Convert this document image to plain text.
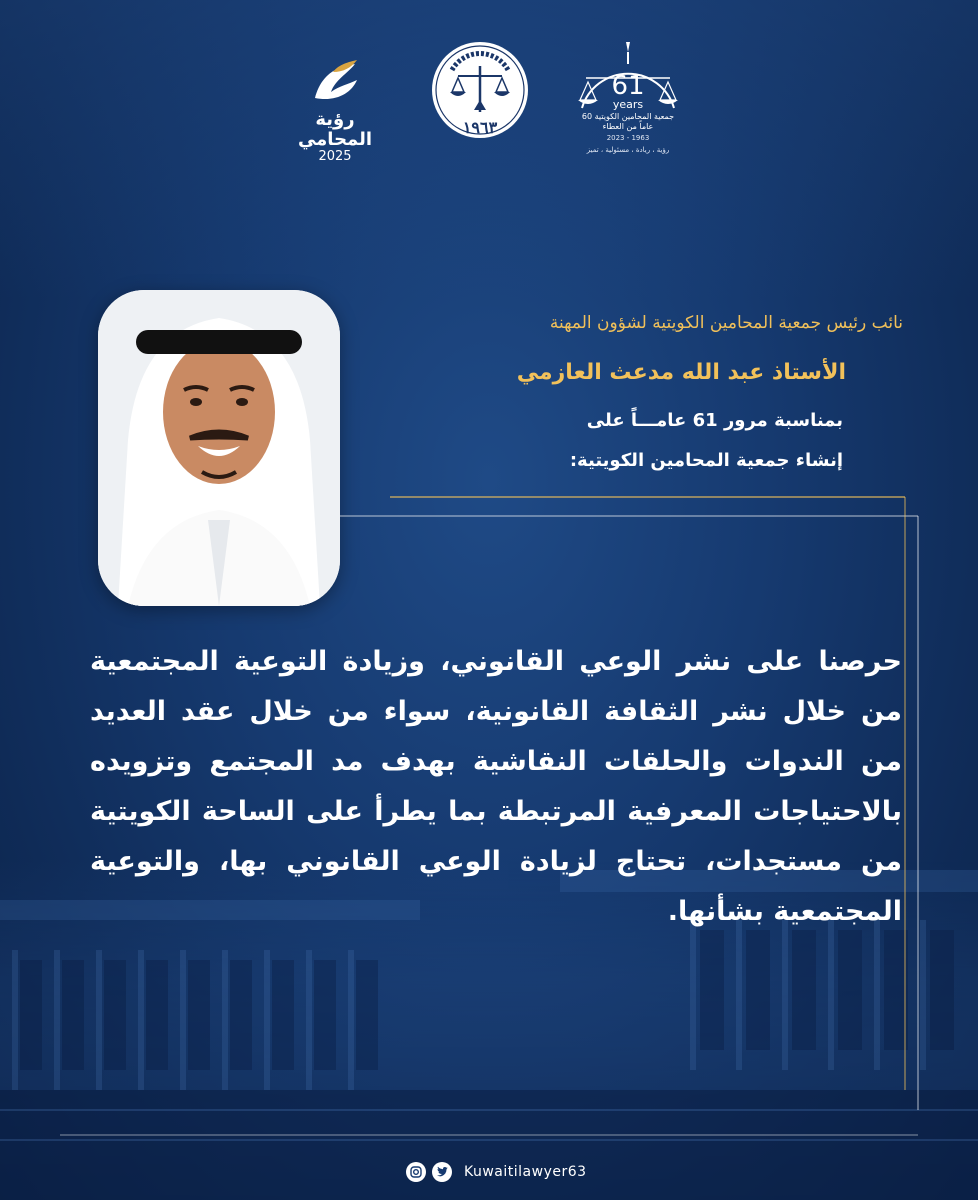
رؤية المحامي
2025
١٩٦٣
61
years
جمعية المحامين الكويتية 60 عاماً من العطاء
2023 - 1963
رؤية ، ريادة ، مسئولية ، تميز
نائب رئيس جمعية المحامين الكويتية لشؤون المهنة
الأستاذ عبد الله مدعث العازمي
بمناسبة مرور 61 عامـــاً على
إنشاء جمعية المحامين الكويتية:

حرصنا على نشر الوعي القانوني، وزيادة التوعية المجتمعية من خلال نشر الثقافة القانونية، سواء من خلال عقد العديد من الندوات والحلقات النقاشية بهدف مد المجتمع وتزويده بالاحتياجات المعرفية المرتبطة بما يطرأ على الساحة الكويتية من مستجدات، تحتاج لزيادة الوعي القانوني بها، والتوعية المجتمعية بشأنها.

Kuwaitilawyer63
